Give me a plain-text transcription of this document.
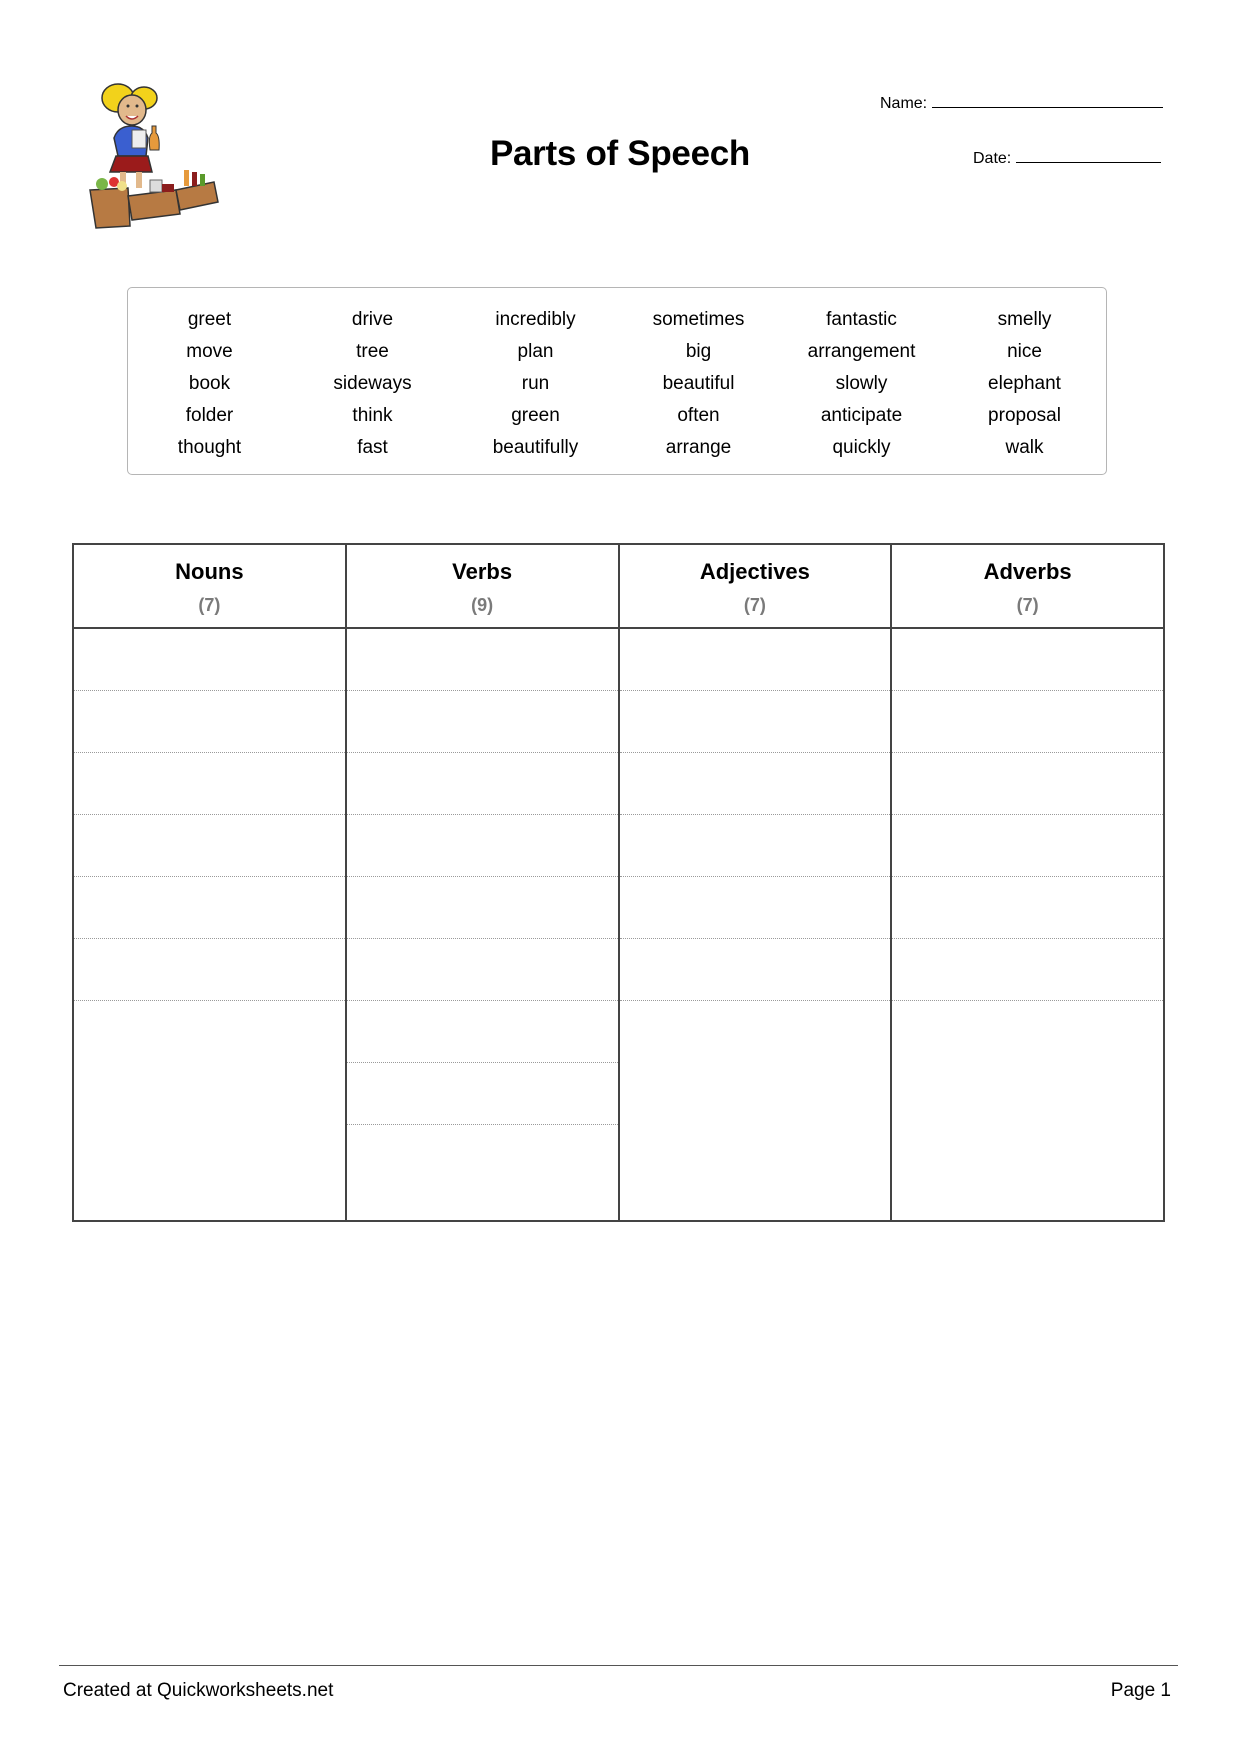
Parts of Speech
Name:
Date:
greet	drive	incredibly	sometimes	fantastic	smelly
move	tree	plan	big	arrangement	nice
book	sideways	run	beautiful	slowly	elephant
folder	think	green	often	anticipate	proposal
thought	fast	beautifully	arrange	quickly	walk
Nouns
(7)
Verbs
(9)
Adjectives
(7)
Adverbs
(7)
Created at Quickworksheets.net	Page 1
